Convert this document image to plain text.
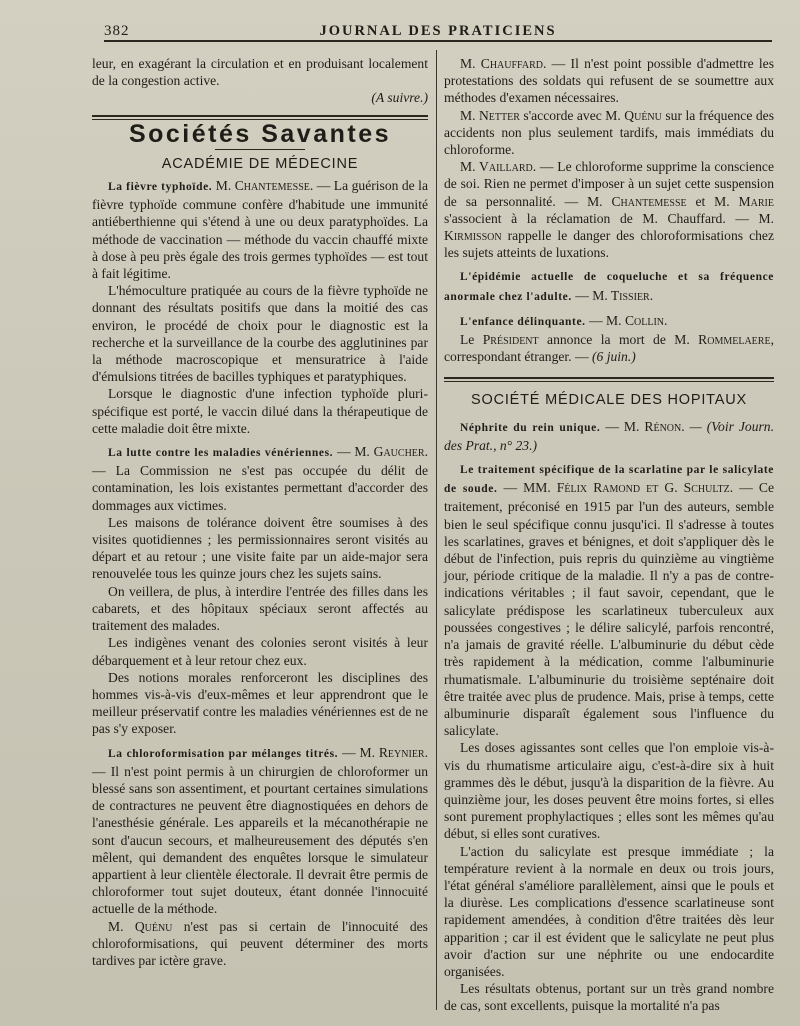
382	JOURNAL DES PRATICIENS

leur, en exagérant la circulation et en produisant localement de la congestion active.

(A suivre.)

Sociétés Savantes
ACADÉMIE DE MÉDECINE

La fièvre typhoïde. M. Chantemesse. — La guérison de la fièvre typhoïde commune confère d'habitude une immunité antiéberthienne qui s'étend à une ou deux paratyphoïdes. La méthode de vaccination — méthode du vaccin chauffé mixte à dose à peu près égale des trois germes typhoïdes — est tout à fait légitime.

L'hémoculture pratiquée au cours de la fièvre typhoïde ne donnant des résultats positifs que dans la moitié des cas environ, le procédé de choix pour le diagnostic est la recherche et la surveillance de la courbe des agglutinines par la méthode macroscopique et mensuratrice à l'aide d'émulsions titrées de bacilles typhiques et paratyphiques.

Lorsque le diagnostic d'une infection typhoïde pluri-spécifique est porté, le vaccin dilué dans la thérapeutique de cette maladie doit être mixte.

La lutte contre les maladies vénériennes. — M. Gaucher. — La Commission ne s'est pas occupée du délit de contamination, les lois existantes permettant d'accorder des dommages aux victimes.

Les maisons de tolérance doivent être soumises à des visites quotidiennes ; les permissionnaires seront visités au départ et au retour ; une visite faite par un aide-major sera renouvelée tous les quinze jours chez les sujets sains.

On veillera, de plus, à interdire l'entrée des filles dans les cabarets, et des hôpitaux spéciaux seront affectés au traitement des malades.

Les indigènes venant des colonies seront visités à leur débarquement et à leur retour chez eux.

Des notions morales renforceront les disciplines des hommes vis-à-vis d'eux-mêmes et leur apprendront que le meilleur préservatif contre les maladies vénériennes est de ne pas s'y exposer.

La chloroformisation par mélanges titrés. — M. Reynier. — Il n'est point permis à un chirurgien de chloroformer un blessé sans son assentiment, et pourtant certaines simulations de contractures ne peuvent être diagnostiquées en dehors de l'anesthésie générale. Les appareils et la mécanothérapie ne sont d'aucun secours, et malheureusement des députés s'en mêlent, qui demandent des enquêtes lorsque le simulateur appartient à leur clientèle électorale. Il devrait être permis de chloroformer tout sujet douteux, étant donnée l'innocuité actuelle de la méthode.

M. Quénu n'est pas si certain de l'innocuité des chloroformisations, qui peuvent déterminer des morts tardives par ictère grave.

M. Chauffard. — Il n'est point possible d'admettre les protestations des soldats qui refusent de se soumettre aux méthodes d'examen nécessaires.

M. Netter s'accorde avec M. Quénu sur la fréquence des accidents non plus seulement tardifs, mais immédiats du chloroforme.

M. Vaillard. — Le chloroforme supprime la conscience de soi. Rien ne permet d'imposer à un sujet cette suspension de sa personnalité. — M. Chantemesse et M. Marie s'associent à la réclamation de M. Chauffard. — M. Kirmisson rappelle le danger des chloroformisations chez les sujets atteints de luxations.

L'épidémie actuelle de coqueluche et sa fréquence anormale chez l'adulte. — M. Tissier.

L'enfance délinquante. — M. Collin.

Le Président annonce la mort de M. Rommelaere, correspondant étranger. — (6 juin.)

SOCIÉTÉ MÉDICALE DES HOPITAUX

Néphrite du rein unique. — M. Rénon. — (Voir Journ. des Prat., n° 23.)

Le traitement spécifique de la scarlatine par le salicylate de soude. — MM. Félix Ramond et G. Schultz. — Ce traitement, préconisé en 1915 par l'un des auteurs, semble bien le seul spécifique connu jusqu'ici. Il s'adresse à toutes les scarlatines, graves et bénignes, et doit s'appliquer dès le début de l'infection, puis repris du quinzième au vingtième jour, période critique de la maladie. Il n'y a pas de contre-indications véritables ; il faut savoir, cependant, que le salicylate prédispose les scarlatineux tuberculeux aux poussées congestives ; le délire salicylé, parfois rencontré, n'a jamais de gravité réelle. L'albuminurie du début cède très rapidement à la médication, comme l'albuminurie rhumatismale. L'albuminurie du troisième septénaire doit être traitée avec plus de prudence. Mais, prise à temps, cette albuminurie disparaît également sous l'influence du salicylate.

Les doses agissantes sont celles que l'on emploie vis-à-vis du rhumatisme articulaire aigu, c'est-à-dire six à huit grammes dès le début, jusqu'à la disparition de la fièvre. Au quinzième jour, les doses peuvent être moins fortes, si elles sont purement prophylactiques ; elles sont les mêmes qu'au début, si elles sont curatives.

L'action du salicylate est presque immédiate ; la température revient à la normale en deux ou trois jours, l'état général s'améliore parallèlement, ainsi que le pouls et la diurèse. Les complications d'essence scarlatineuse sont rapidement amendées, à condition d'être traitées dès leur apparition ; car il est évident que le salicylate ne peut plus avoir d'action sur une néphrite ou une endocardite organisées.

Les résultats obtenus, portant sur un très grand nombre de cas, sont excellents, puisque la mortalité n'a pas
